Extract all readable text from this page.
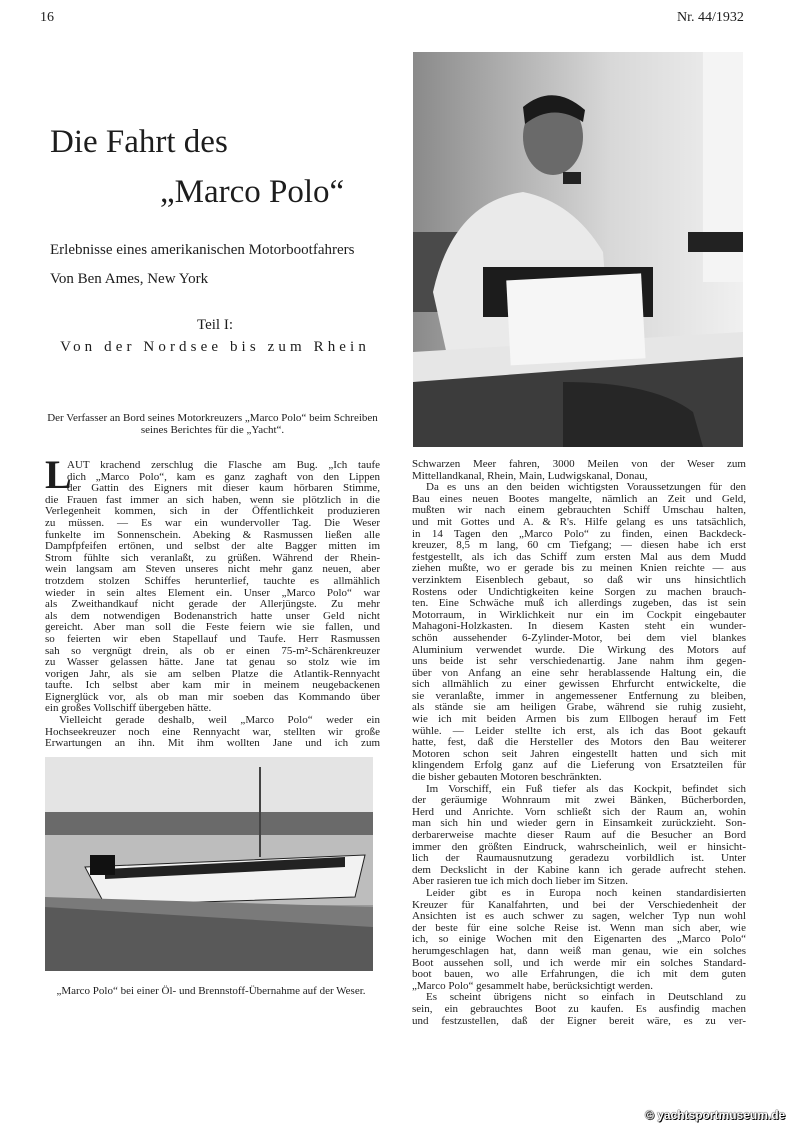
16	Nr. 44/1932
Die Fahrt des
„Marco Polo“
Erlebnisse eines amerikanischen Motorbootfahrers
Von Ben Ames, New York
Teil I:
Von der Nordsee bis zum Rhein
Der Verfasser an Bord seines Motorkreuzers „Marco Polo“ beim Schreiben seines Berichtes für die „Yacht“.
L
AUT krachend zerschlug die Flasche am Bug. „Ich taufe
dich „Marco Polo“, kam es ganz zaghaft von den Lippen
der Gattin des Eigners mit dieser kaum hörbaren Stimme,
die Frauen fast immer an sich haben, wenn sie plötzlich in die
Verlegenheit kommen, sich in der Öffentlichkeit produzieren
zu müssen. — Es war ein wundervoller Tag. Die Weser
funkelte im Sonnenschein. Abeking & Rasmussen ließen alle
Dampfpfeifen ertönen, und selbst der alte Bagger mitten im
Strom fühlte sich veranlaßt, zu grüßen. Während der Rhein-
wein langsam am Steven unseres nicht mehr ganz neuen, aber
trotzdem stolzen Schiffes herunterlief, tauchte es allmählich
wieder in sein altes Element ein. Unser „Marco Polo“ war
als Zweithandkauf nicht gerade der Allerjüngste. Zu mehr
als dem notwendigen Bodenanstrich hatte unser Geld nicht
gereicht. Aber man soll die Feste feiern wie sie fallen, und
so feierten wir eben Stapellauf und Taufe. Herr Rasmussen
sah so vergnügt drein, als ob er einen 75-m²-Schärenkreuzer
zu Wasser gelassen hätte. Jane tat genau so stolz wie im
vorigen Jahr, als sie am selben Platze die Atlantik-Rennyacht
taufte. Ich selbst aber kam mir in meinem neugebackenen
Eignerglück vor, als ob man mir soeben das Kommando über
ein großes Vollschiff übergeben hätte.
Vielleicht gerade deshalb, weil „Marco Polo“ weder ein
Hochseekreuzer noch eine Rennyacht war, stellten wir große
Erwartungen an ihn. Mit ihm wollten Jane und ich zum
Schwarzen Meer fahren, 3000 Meilen von der Weser zum
Mittellandkanal, Rhein, Main, Ludwigskanal, Donau,
Da es uns an den beiden wichtigsten Voraussetzungen für den
Bau eines neuen Bootes mangelte, nämlich an Zeit und Geld,
mußten wir nach einem gebrauchten Schiff Umschau halten,
und mit Gottes und A. & R's. Hilfe gelang es uns tatsächlich,
in 14 Tagen den „Marco Polo“ zu finden, einen Backdeck-
kreuzer, 8,5 m lang, 60 cm Tiefgang; — diesen habe ich erst
festgestellt, als ich das Schiff zum ersten Mal aus dem Mudd
ziehen mußte, wo er gerade bis zu meinen Knien reichte — aus
verzinktem Eisenblech gebaut, so daß wir uns hinsichtlich
Rostens oder Undichtigkeiten keine Sorgen zu machen brauch-
ten. Eine Schwäche muß ich allerdings zugeben, das ist sein
Motorraum, in Wirklichkeit nur ein im Cockpit eingebauter
Mahagoni-Holzkasten. In diesem Kasten steht ein wunder-
schön aussehender 6-Zylinder-Motor, bei dem viel blankes
Aluminium verwendet wurde. Die Wirkung des Motors auf
uns beide ist sehr verschiedenartig. Jane nahm ihm gegen-
über von Anfang an eine sehr herablassende Haltung ein, die
sich allmählich zu einer gewissen Ehrfurcht entwickelte, die
sie veranlaßte, immer in angemessener Entfernung zu bleiben,
als stände sie am heiligen Grabe, während sie ruhig zusieht,
wie ich mit beiden Armen bis zum Ellbogen herauf im Fett
wühle. — Leider stellte ich erst, als ich das Boot gekauft
hatte, fest, daß die Hersteller des Motors den Bau weiterer
Motoren schon seit Jahren eingestellt hatten und sich mit
klingendem Erfolg ganz auf die Lieferung von Ersatzteilen für
die bisher gebauten Motoren beschränkten.
Im Vorschiff, ein Fuß tiefer als das Kockpit, befindet sich
der geräumige Wohnraum mit zwei Bänken, Bücherborden,
Herd und Anrichte. Vorn schließt sich der Raum an, wohin
man sich hin und wieder gern in Einsamkeit zurückzieht. Son-
derbarerweise machte dieser Raum auf die Besucher an Bord
immer den größten Eindruck, wahrscheinlich, weil er hinsicht-
lich der Raumausnutzung geradezu vorbildlich ist. Unter
dem Deckslicht in der Kabine kann ich gerade aufrecht stehen.
Aber rasieren tue ich mich doch lieber im Sitzen.
Leider gibt es in Europa noch keinen standardisierten
Kreuzer für Kanalfahrten, und bei der Verschiedenheit der
Ansichten ist es auch schwer zu sagen, welcher Typ nun wohl
der beste für eine solche Reise ist. Wenn man sich aber, wie
ich, so einige Wochen mit den Eigenarten des „Marco Polo“
herumgeschlagen hat, dann weiß man genau, wie ein solches
Boot aussehen soll, und ich werde mir ein solches Standard-
boot bauen, wo alle Erfahrungen, die ich mit dem guten
„Marco Polo“ gesammelt habe, berücksichtigt werden.
Es scheint übrigens nicht so einfach in Deutschland zu
sein, ein gebrauchtes Boot zu kaufen. Es ausfindig machen
und festzustellen, daß der Eigner bereit wäre, es zu ver-
„Marco Polo“ bei einer Öl- und Brennstoff-Übernahme auf der Weser.
© yachtsportmuseum.de
